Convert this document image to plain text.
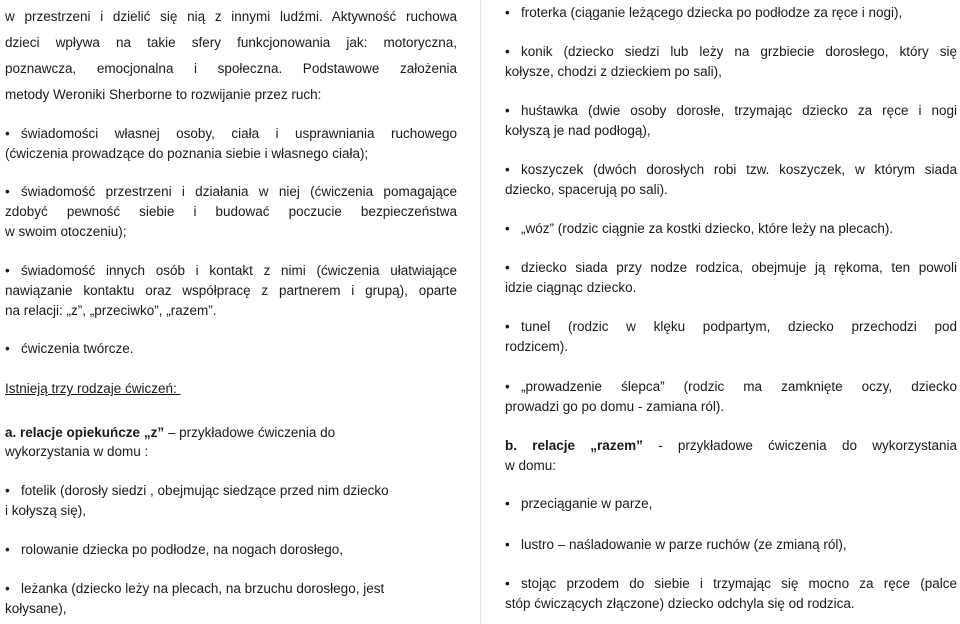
w przestrzeni i dzielić się nią z innymi ludźmi. Aktywność ruchowa

dzieci wpływa na takie sfery funkcjonowania jak: motoryczna,

poznawcza, emocjonalna i społeczna. Podstawowe założenia

metody Weroniki Sherborne to rozwijanie przez ruch:

• świadomości własnej osoby, ciała i usprawniania ruchowego

(ćwiczenia prowadzące do poznania siebie i własnego ciała);

• świadomość przestrzeni i działania w niej (ćwiczenia pomagające

zdobyć pewność siebie i budować poczucie bezpieczeństwa

w swoim otoczeniu);

• świadomość innych osób i kontakt z nimi (ćwiczenia ułatwiające

nawiązanie kontaktu oraz współpracę z partnerem i grupą), oparte

na relacji: „z”, „przeciwko”, „razem”.

• ćwiczenia twórcze.

Istnieją trzy rodzaje ćwiczeń:

a. relacje opiekuńcze „z” – przykładowe ćwiczenia do

wykorzystania w domu :

• fotelik (dorosły siedzi , obejmując siedzące przed nim dziecko

i kołyszą się),

• rolowanie dziecka po podłodze, na nogach dorosłego,

• leżanka (dziecko leży na plecach, na brzuchu dorosłego, jest

kołysane),

• froterka (ciąganie leżącego dziecka po podłodze za ręce i nogi),

• konik (dziecko siedzi lub leży na grzbiecie dorosłego, który się

kołysze, chodzi z dzieckiem po sali),

• huśtawka (dwie osoby dorosłe, trzymając dziecko za ręce i nogi

kołyszą je nad podłogą),

• koszyczek (dwóch dorosłych robi tzw. koszyczek, w którym siada

dziecko, spacerują po sali).

• „wóz” (rodzic ciągnie za kostki dziecko, które leży na plecach).

• dziecko siada przy nodze rodzica, obejmuje ją rękoma, ten powoli

idzie ciągnąc dziecko.

• tunel (rodzic w klęku podpartym, dziecko przechodzi pod

rodzicem).

• „prowadzenie ślepca” (rodzic ma zamknięte oczy, dziecko

prowadzi go po domu - zamiana ról).

b. relacje „razem” - przykładowe ćwiczenia do wykorzystania

w domu:

• przeciąganie w parze,

• lustro – naśladowanie w parze ruchów (ze zmianą ról),

• stojąc przodem do siebie i trzymając się mocno za ręce (palce

stóp ćwiczących złączone) dziecko odchyla się od rodzica.
